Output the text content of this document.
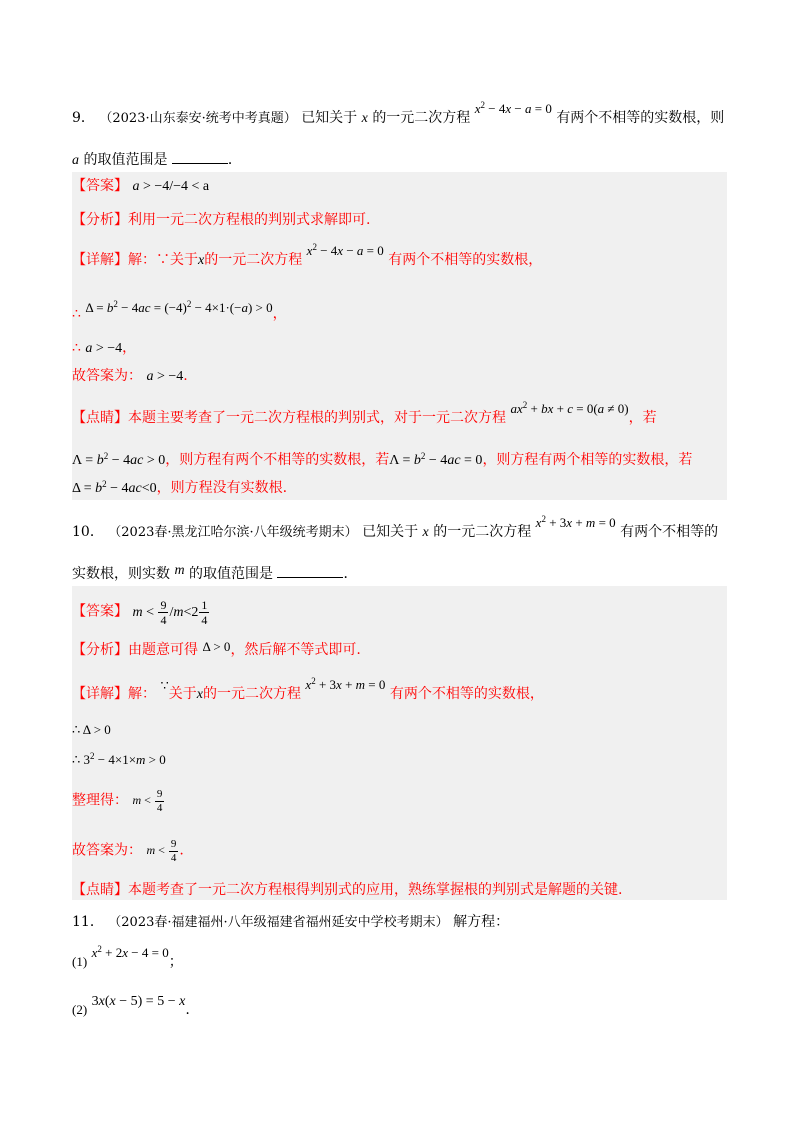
9． （2023·山东泰安·统考中考真题） 已知关于 x 的一元二次方程 $x^2 - 4x - a = 0$ 有两个不相等的实数根，则
a 的取值范围是	．
【答案】 a > −4/−4 < a
【分析】利用一元二次方程根的判别式求解即可.
【详解】解：∵关于x的一元二次方程 $x^2 - 4x - a = 0$ 有两个不相等的实数根，
∴ $\Delta = b^2 - 4ac = (-4)^2 - 4\times 1\cdot(-a) > 0$，
∴ a > −4，
故答案为： a > −4.
【点睛】本题主要考查了一元二次方程根的判别式，对于一元二次方程 $ax^2$ + bx + c = 0(a ≠ 0)，若
$\Lambda = b^2 - 4ac > 0$，则方程有两个不相等的实数根，若$\Lambda = b^2 - 4ac = 0$，则方程有两个相等的实数根，若
$\Delta = b^2 - 4ac<0$，则方程没有实数根.
10． （2023春·黑龙江哈尔滨·八年级统考期末） 已知关于 x 的一元二次方程 $x^2 + 3x + m = 0$ 有两个不相等的
实数根，则实数 m 的取值范围是	．
【答案】 $m < \frac{9}{4} /m<2 \frac{1}{4}$
【分析】由题意可得 Δ > 0，然后解不等式即可.
【详解】解： ∵关于x的一元二次方程 $x^2 + 3x + m = 0$ 有两个不相等的实数根，
∴ Δ > 0
∴ $3^2 - 4\times 1\times m > 0$
整理得： $m < \frac{9}{4}$
故答案为： $m < \frac{9}{4}$ .
【点睛】本题考查了一元二次方程根得判别式的应用，熟练掌握根的判别式是解题的关键.
11． （2023春·福建福州·八年级福建省福州延安中学校考期末） 解方程：
(1) $x^2 + 2x - 4 = 0$；
(2) 3x(x − 5) = 5 − x.
